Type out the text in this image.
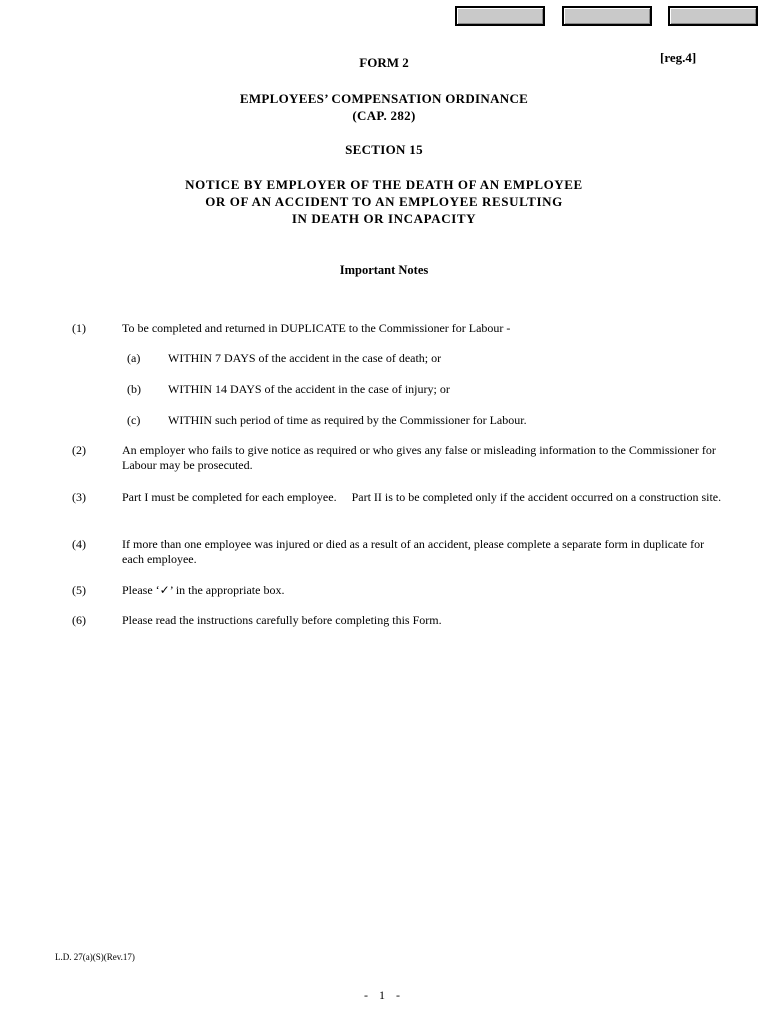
FORM 2	[reg.4]
EMPLOYEES’ COMPENSATION ORDINANCE
(CAP. 282)
SECTION 15
NOTICE BY EMPLOYER OF THE DEATH OF AN EMPLOYEE
OR OF AN ACCIDENT TO AN EMPLOYEE RESULTING
IN DEATH OR INCAPACITY
Important Notes
(1)	To be completed and returned in DUPLICATE to the Commissioner for Labour -
(a) WITHIN 7 DAYS of the accident in the case of death; or
(b) WITHIN 14 DAYS of the accident in the case of injury; or
(c) WITHIN such period of time as required by the Commissioner for Labour.
(2)	An employer who fails to give notice as required or who gives any false or misleading information to the Commissioner for Labour may be prosecuted.
(3)	Part I must be completed for each employee.     Part II is to be completed only if the accident occurred on a construction site.
(4)	If more than one employee was injured or died as a result of an accident, please complete a separate form in duplicate for each employee.
(5)	Please ‘✓’ in the appropriate box.
(6)	Please read the instructions carefully before completing this Form.
L.D. 27(a)(S)(Rev.17)
- 1 -
